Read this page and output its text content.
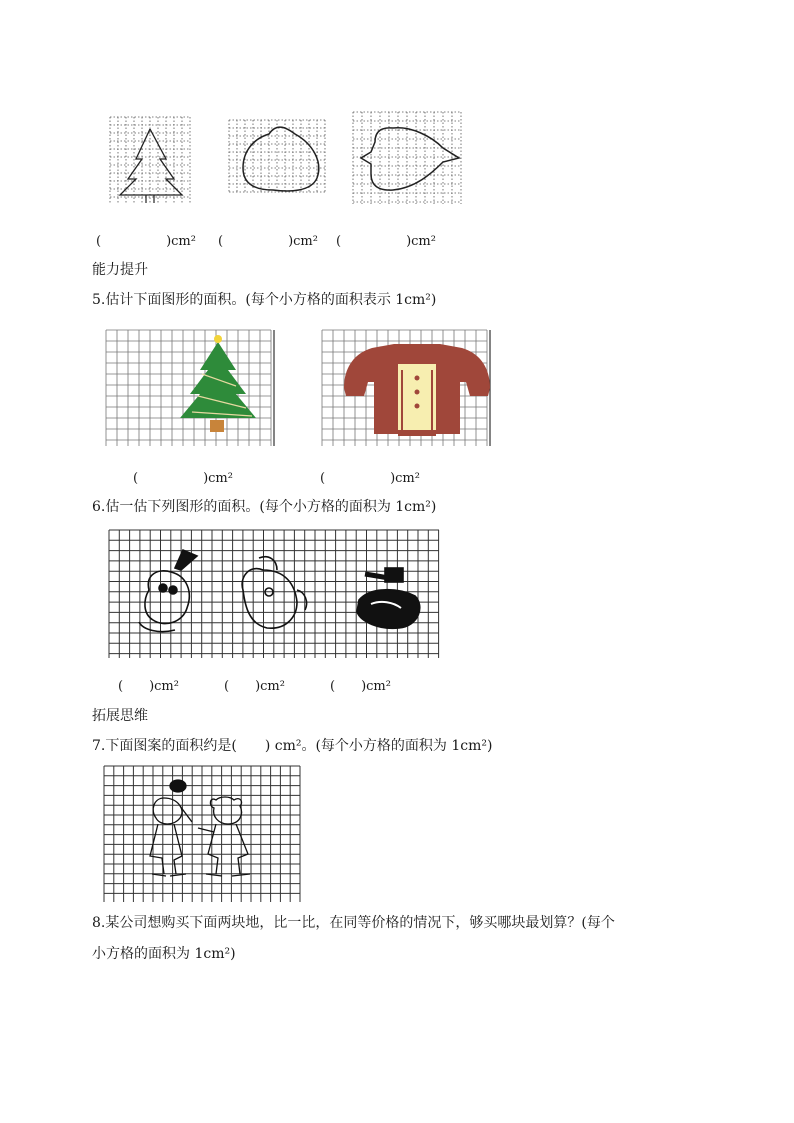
(　　　　　)cm² (　　　　　)cm² (　　　　　)cm²
能力提升
5.估计下面图形的面积。(每个小方格的面积表示 1cm²)
(　　　　　)cm²	(　　　　　)cm²
6.估一估下列图形的面积。(每个小方格的面积为 1cm²)
(　　)cm²	(　　)cm²	(　　)cm²
拓展思维
7.下面图案的面积约是(　　) cm²。(每个小方格的面积为 1cm²)
8.某公司想购买下面两块地，比一比，在同等价格的情况下，够买哪块最划算？(每个
小方格的面积为 1cm²)
